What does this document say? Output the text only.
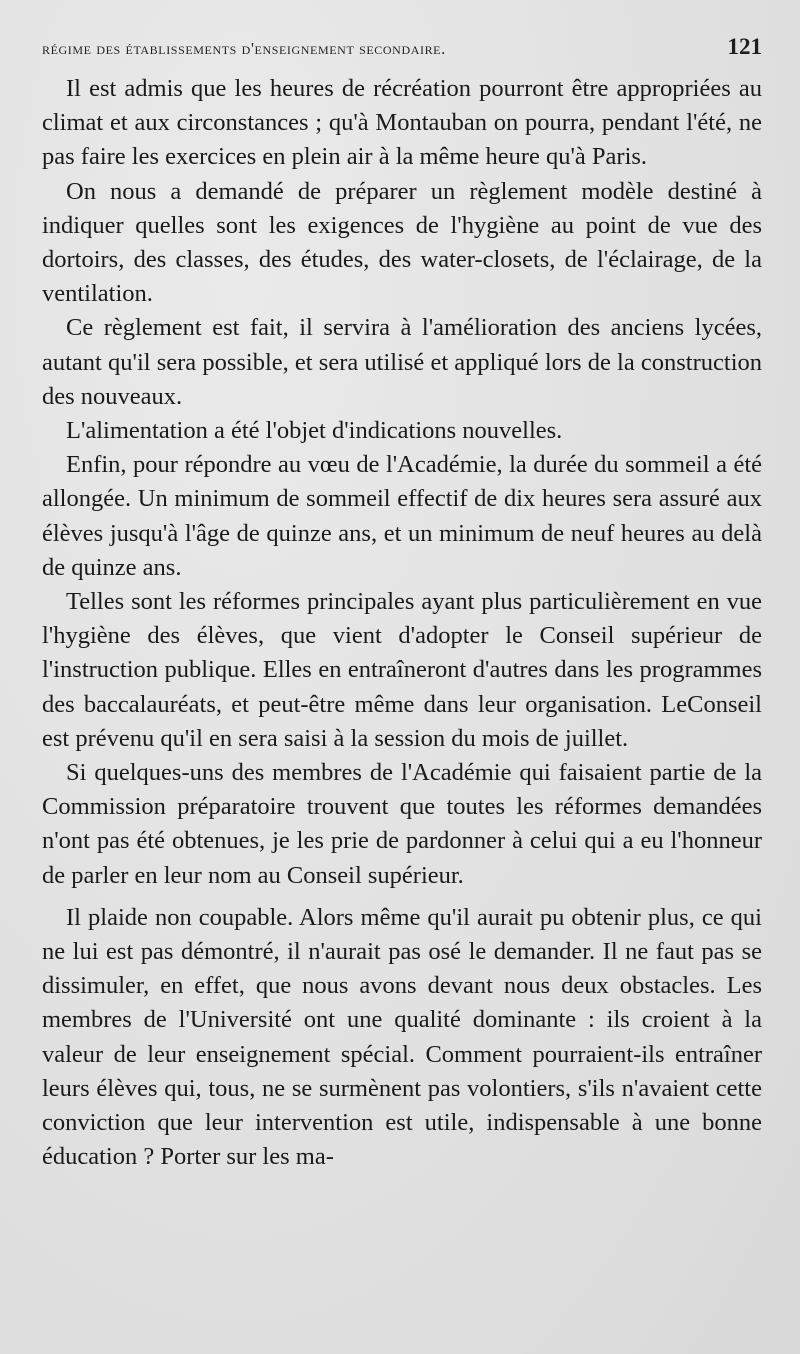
régime des établissements d'enseignement secondaire.	121

Il est admis que les heures de récréation pourront être appropriées au climat et aux circonstances ; qu'à Montauban on pourra, pendant l'été, ne pas faire les exercices en plein air à la même heure qu'à Paris.

On nous a demandé de préparer un règlement modèle destiné à indiquer quelles sont les exigences de l'hygiène au point de vue des dortoirs, des classes, des études, des water-closets, de l'éclairage, de la ventilation.

Ce règlement est fait, il servira à l'amélioration des anciens lycées, autant qu'il sera possible, et sera utilisé et appliqué lors de la construction des nouveaux.

L'alimentation a été l'objet d'indications nouvelles.

Enfin, pour répondre au vœu de l'Académie, la durée du sommeil a été allongée. Un minimum de sommeil effectif de dix heures sera assuré aux élèves jusqu'à l'âge de quinze ans, et un minimum de neuf heures au delà de quinze ans.

Telles sont les réformes principales ayant plus particulièrement en vue l'hygiène des élèves, que vient d'adopter le Conseil supérieur de l'instruction publique. Elles en entraîneront d'autres dans les programmes des baccalauréats, et peut-être même dans leur organisation. LeConseil est prévenu qu'il en sera saisi à la session du mois de juillet.

Si quelques-uns des membres de l'Académie qui faisaient partie de la Commission préparatoire trouvent que toutes les réformes demandées n'ont pas été obtenues, je les prie de pardonner à celui qui a eu l'honneur de parler en leur nom au Conseil supérieur.

Il plaide non coupable. Alors même qu'il aurait pu obtenir plus, ce qui ne lui est pas démontré, il n'aurait pas osé le demander. Il ne faut pas se dissimuler, en effet, que nous avons devant nous deux obstacles. Les membres de l'Université ont une qualité dominante : ils croient à la valeur de leur enseignement spécial. Comment pourraient-ils entraîner leurs élèves qui, tous, ne se surmènent pas volontiers, s'ils n'avaient cette conviction que leur intervention est utile, indispensable à une bonne éducation ? Porter sur les ma-
